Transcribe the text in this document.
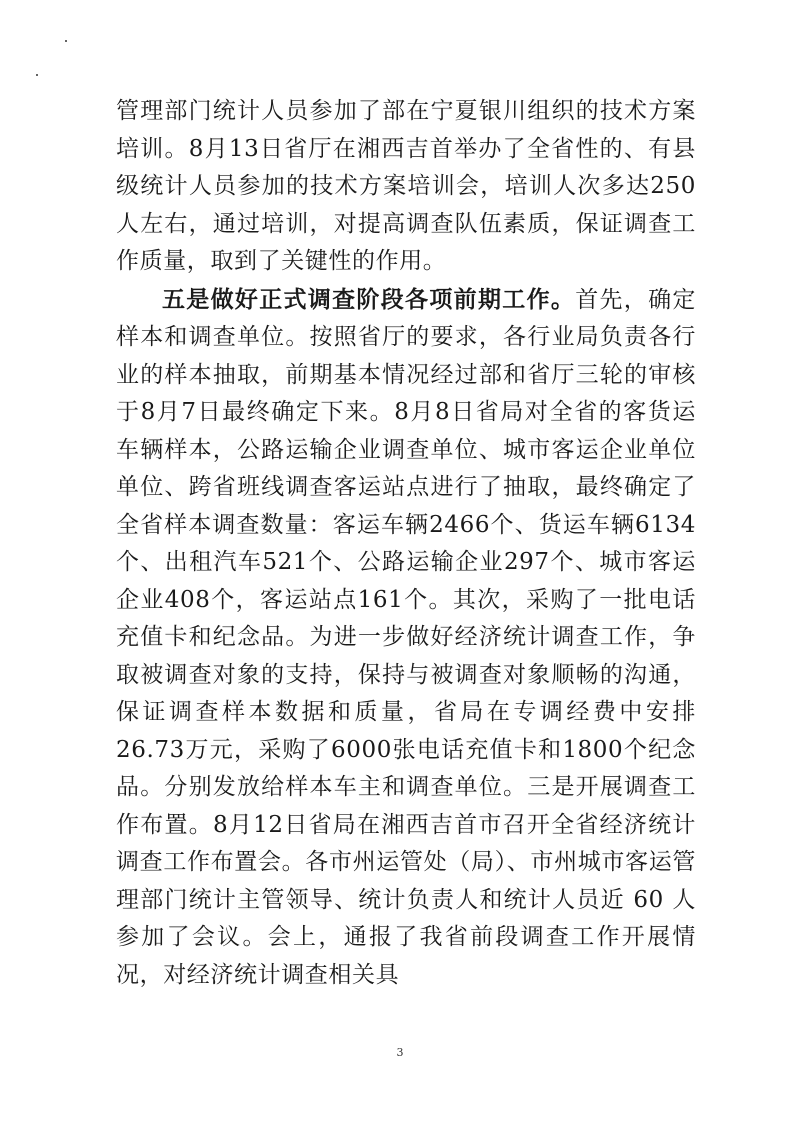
管理部门统计人员参加了部在宁夏银川组织的技术方案培训。8月13日省厅在湘西吉首举办了全省性的、有县级统计人员参加的技术方案培训会，培训人次多达250人左右，通过培训，对提高调查队伍素质，保证调查工作质量，取到了关键性的作用。

五是做好正式调查阶段各项前期工作。首先，确定样本和调查单位。按照省厅的要求，各行业局负责各行业的样本抽取，前期基本情况经过部和省厅三轮的审核于8月7日最终确定下来。8月8日省局对全省的客货运车辆样本，公路运输企业调查单位、城市客运企业单位单位、跨省班线调查客运站点进行了抽取，最终确定了全省样本调查数量：客运车辆2466个、货运车辆6134个、出租汽车521个、公路运输企业297个、城市客运企业408个，客运站点161个。其次，采购了一批电话充值卡和纪念品。为进一步做好经济统计调查工作，争取被调查对象的支持，保持与被调查对象顺畅的沟通，保证调查样本数据和质量，省局在专调经费中安排26.73万元，采购了6000张电话充值卡和1800个纪念品。分别发放给样本车主和调查单位。三是开展调查工作布置。8月12日省局在湘西吉首市召开全省经济统计调查工作布置会。各市州运管处（局）、市州城市客运管理部门统计主管领导、统计负责人和统计人员近 60 人参加了会议。会上，通报了我省前段调查工作开展情况，对经济统计调查相关具

3
